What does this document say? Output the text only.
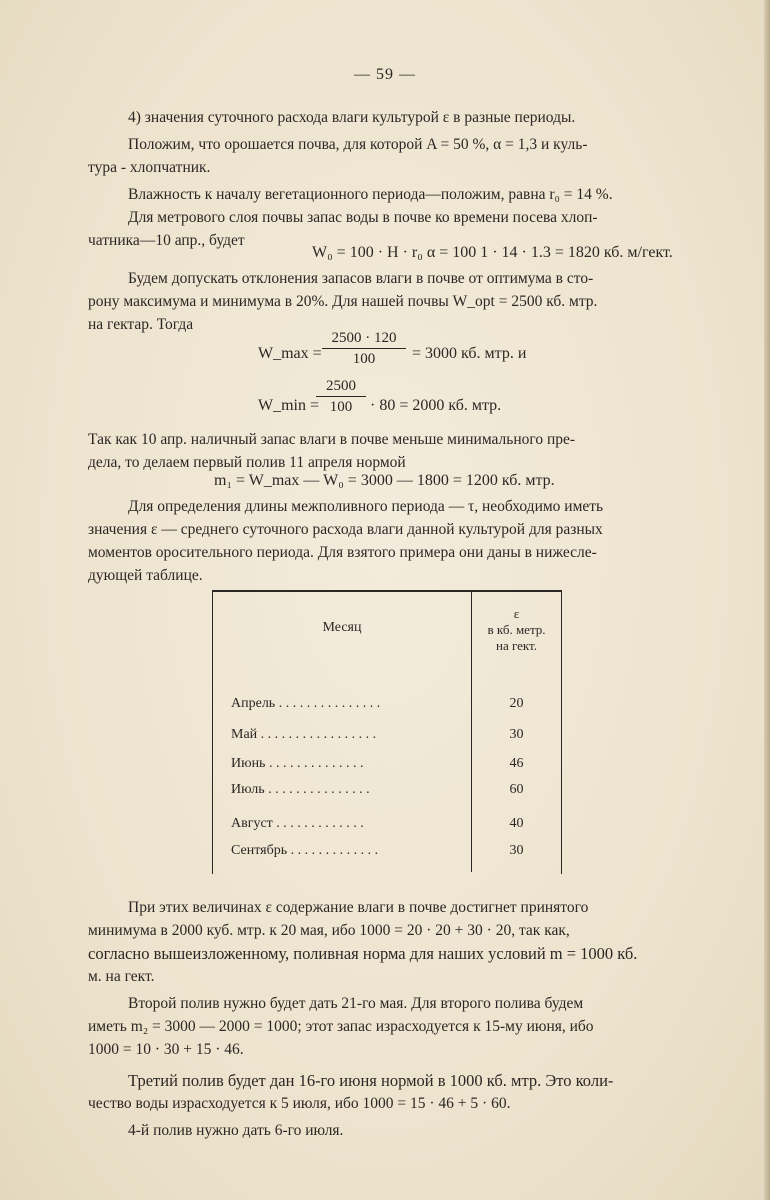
— 59 —

4) значения суточного расхода влаги культурой ε в разные периоды.

Положим, что орошается почва, для которой A = 50 %, α = 1,3 и куль-

тура - хлопчатник.

Влажность к началу вегетационного периода—положим, равна r₀ = 14 %.

Для метрового слоя почвы запас воды в почве ко времени посева хлоп-

чатника—10 апр., будет

W₀ = 100 · H · r₀ α = 100 1 · 14 · 1.3 = 1820 кб. м/гект.

Будем допускать отклонения запасов влаги в почве от оптимума в сто-

рону максимума и минимума в 20%. Для нашей почвы W_opt = 2500 кб. мтр.

на гектар. Тогда

W_max =
2500 · 120
100	= 3000 кб. мтр. и
W_min =
2500
100	· 80 = 2000 кб. мтр.

Так как 10 апр. наличный запас влаги в почве меньше минимального пре-

дела, то делаем первый полив 11 апреля нормой

m₁ = W_max — W₀ = 3000 — 1800 = 1200 кб. мтр.

Для определения длины межполивного периода — τ, необходимо иметь

значения ε — среднего суточного расхода влаги данной культурой для разных

моментов оросительного периода. Для взятого примера они даны в нижесле-

дующей таблице.

Месяц
ε
в кб. метр.
на гект.
Апрель . . . . . . . . . . . . . . .	20
Май . . . . . . . . . . . . . . . . .	30
Июнь . . . . . . . . . . . . . .	46
Июль . . . . . . . . . . . . . . .	60
Август . . . . . . . . . . . . .	40
Сентябрь . . . . . . . . . . . . .	30

При этих величинах ε содержание влаги в почве достигнет принятого

минимума в 2000 куб. мтр. к 20 мая, ибо 1000 = 20 · 20 + 30 · 20, так как,

согласно вышеизложенному, поливная норма для наших условий m = 1000 кб.

м. на гект.

Второй полив нужно будет дать 21-го мая. Для второго полива будем

иметь m₂ = 3000 — 2000 = 1000; этот запас израсходуется к 15-му июня, ибо

1000 = 10 · 30 + 15 · 46.

Третий полив будет дан 16-го июня нормой в 1000 кб. мтр. Это коли-

чество воды израсходуется к 5 июля, ибо 1000 = 15 · 46 + 5 · 60.

4-й полив нужно дать 6-го июля.
